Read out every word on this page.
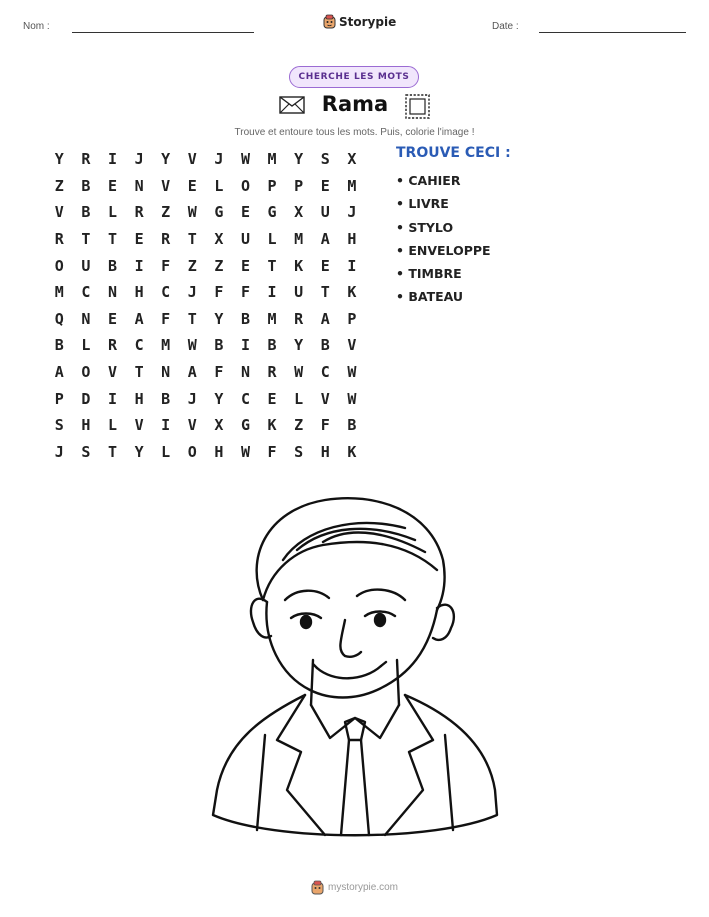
Nom :	Storypie	Date :
CHERCHE LES MOTS
Rama
Trouve et entoure tous les mots. Puis, colorie l'image !
Y	R	I	J	Y	V	J	W	M	Y	S	X
Z	B	E	N	V	E	L	O	P	P	E	M
V	B	L	R	Z	W	G	E	G	X	U	J
R	T	T	E	R	T	X	U	L	M	A	H
O	U	B	I	F	Z	Z	E	T	K	E	I
M	C	N	H	C	J	F	F	I	U	T	K
Q	N	E	A	F	T	Y	B	M	R	A	P
B	L	R	C	M	W	B	I	B	Y	B	V
A	O	V	T	N	A	F	N	R	W	C	W
P	D	I	H	B	J	Y	C	E	L	V	W
S	H	L	V	I	V	X	G	K	Z	F	B
J	S	T	Y	L	O	H	W	F	S	H	K
TROUVE CECI :
• CAHIER
• LIVRE
• STYLO
• ENVELOPPE
• TIMBRE
• BATEAU
mystorypie.com
